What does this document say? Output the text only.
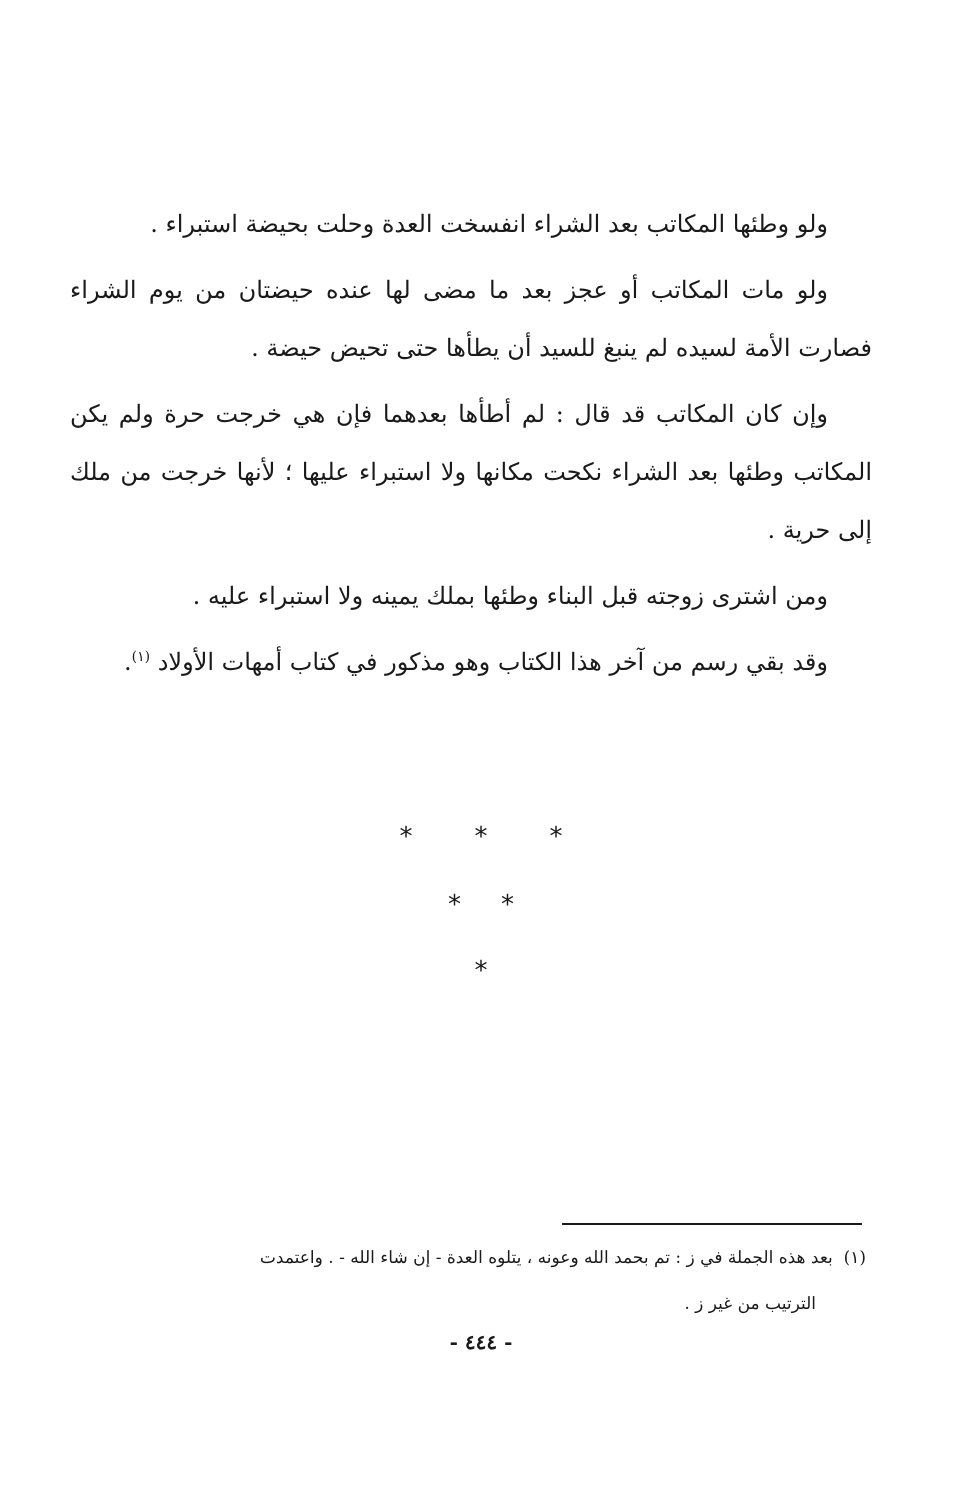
ولو وطئها المكاتب بعد الشراء انفسخت العدة وحلت بحيضة استبراء .

ولو مات المكاتب أو عجز بعد ما مضى لها عنده حيضتان من يوم الشراء فصارت الأمة لسيده لم ينبغ للسيد أن يطأها حتى تحيض حيضة .

وإن كان المكاتب قد قال : لم أطأها بعدهما فإن هي خرجت حرة ولم يكن المكاتب وطئها بعد الشراء نكحت مكانها ولا استبراء عليها ؛ لأنها خرجت من ملك إلى حرية .

ومن اشترى زوجته قبل البناء وطئها بملك يمينه ولا استبراء عليه .

وقد بقي رسم من آخر هذا الكتاب وهو مذكور في كتاب أمهات الأولاد $^{(١)}$.

* * *
* *
*
(١)  بعد هذه الجملة في ز : تم بحمد الله وعونه ، يتلوه العدة - إن شاء الله - . واعتمدت
الترتيب من غير ز .
- ٤٤٤ -
